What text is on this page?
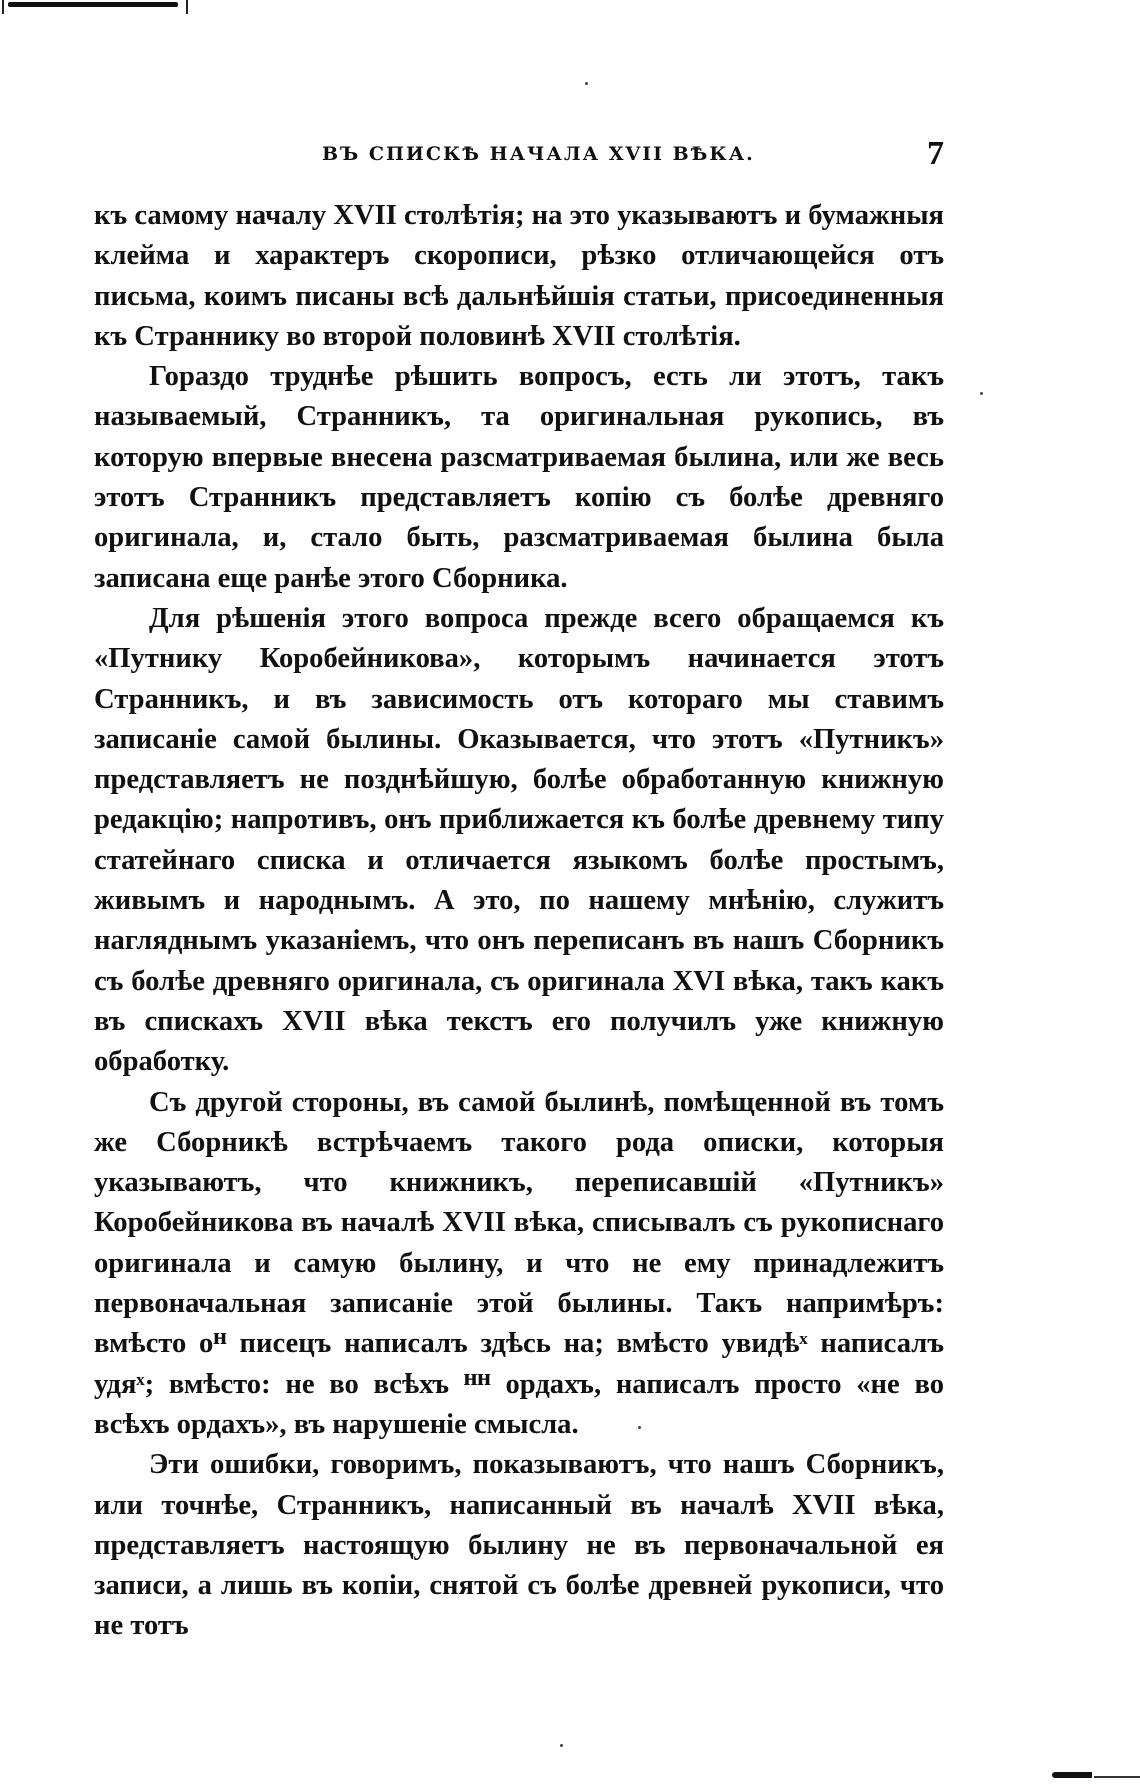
ВЪ СПИСКѢ НАЧАЛА XVII ВѢКА.	7

къ самому началу XVII столѣтія; на это указываютъ и бумажныя клейма и характеръ скорописи, рѣзко отличающейся отъ письма, коимъ писаны всѣ дальнѣйшія статьи, присоединенныя къ Страннику во второй половинѣ XVII столѣтія.

Гораздо труднѣе рѣшить вопросъ, есть ли этотъ, такъ называемый, Странникъ, та оригинальная рукопись, въ которую впервые внесена разсматриваемая былина, или же весь этотъ Странникъ представляетъ копію съ болѣе древняго оригинала, и, стало быть, разсматриваемая былина была записана еще ранѣе этого Сборника.

Для рѣшенія этого вопроса прежде всего обращаемся къ «Путнику Коробейникова», которымъ начинается этотъ Странникъ, и въ зависимость отъ котораго мы ставимъ записаніе самой былины. Оказывается, что этотъ «Путникъ» представляетъ не позднѣйшую, болѣе обработанную книжную редакцію; напротивъ, онъ приближается къ болѣе древнему типу статейнаго списка и отличается языкомъ болѣе простымъ, живымъ и народнымъ. А это, по нашему мнѣнію, служитъ нагляднымъ указаніемъ, что онъ переписанъ въ нашъ Сборникъ съ болѣе древняго оригинала, съ оригинала XVI вѣка, такъ какъ въ спискахъ XVII вѣка текстъ его получилъ уже книжную обработку.

Съ другой стороны, въ самой былинѣ, помѣщенной въ томъ же Сборникѣ встрѣчаемъ такого рода описки, которыя указываютъ, что книжникъ, переписавшій «Путникъ» Коробейникова въ началѣ XVII вѣка, списывалъ съ рукописнаго оригинала и самую былину, и что не ему принадлежитъ первоначальная записаніе этой былины. Такъ напримѣръ: вмѣсто оᴴ писецъ написалъ здѣсь на; вмѣсто увидѣˣ написалъ удяˣ; вмѣсто: не во всѣхъ ᴴᴴ ордахъ, написалъ просто «не во всѣхъ ордахъ», въ нарушеніе смысла.

Эти ошибки, говоримъ, показываютъ, что нашъ Сборникъ, или точнѣе, Странникъ, написанный въ началѣ XVII вѣка, представляетъ настоящую былину не въ первоначальной ея записи, а лишь въ копіи, снятой съ болѣе древней рукописи, что не тотъ
